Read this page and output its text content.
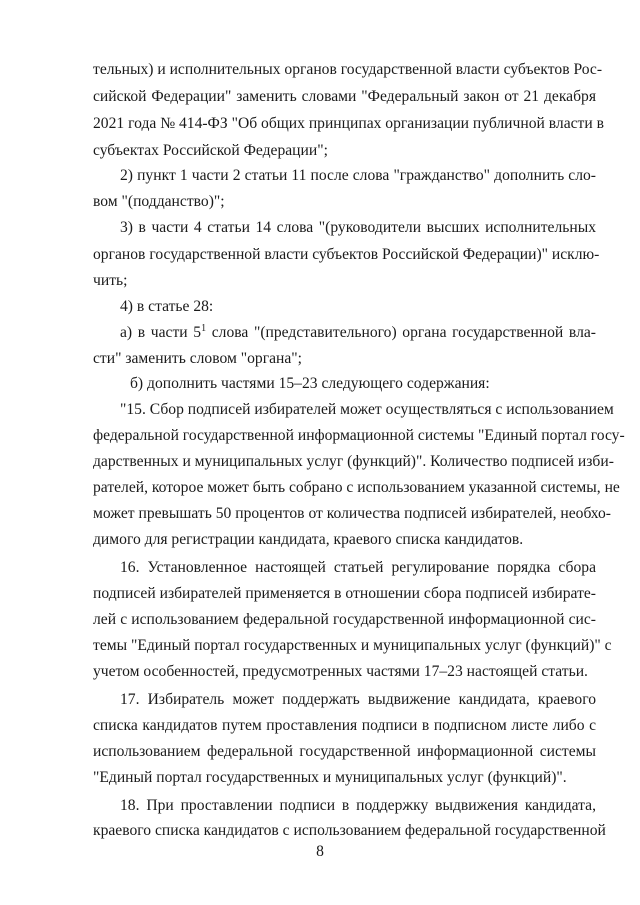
тельных) и исполнительных органов государственной власти субъектов Рос-
сийской Федерации" заменить словами "Федеральный закон от 21 декабря
2021 года № 414-ФЗ "Об общих принципах организации публичной власти в
субъектах Российской Федерации";
2) пункт 1 части 2 статьи 11 после слова "гражданство" дополнить сло-
вом "(подданство)";
3) в части 4 статьи 14 слова "(руководители высших исполнительных
органов государственной власти субъектов Российской Федерации)" исклю-
чить;
4) в статье 28:
а) в части $5^1$ слова "(представительного) органа государственной вла-
сти" заменить словом "органа";
б) дополнить частями 15–23 следующего содержания:
"15. Сбор подписей избирателей может осуществляться с использованием
федеральной государственной информационной системы "Единый портал госу-
дарственных и муниципальных услуг (функций)". Количество подписей изби-
рателей, которое может быть собрано с использованием указанной системы, не
может превышать 50 процентов от количества подписей избирателей, необхо-
димого для регистрации кандидата, краевого списка кандидатов.
16. Установленное настоящей статьей регулирование порядка сбора
подписей избирателей применяется в отношении сбора подписей избирате-
лей с использованием федеральной государственной информационной сис-
темы "Единый портал государственных и муниципальных услуг (функций)" с
учетом особенностей, предусмотренных частями 17–23 настоящей статьи.
17. Избиратель может поддержать выдвижение кандидата, краевого
списка кандидатов путем проставления подписи в подписном листе либо с
использованием федеральной государственной информационной системы
"Единый портал государственных и муниципальных услуг (функций)".
18. При проставлении подписи в поддержку выдвижения кандидата,
краевого списка кандидатов с использованием федеральной государственной
8
